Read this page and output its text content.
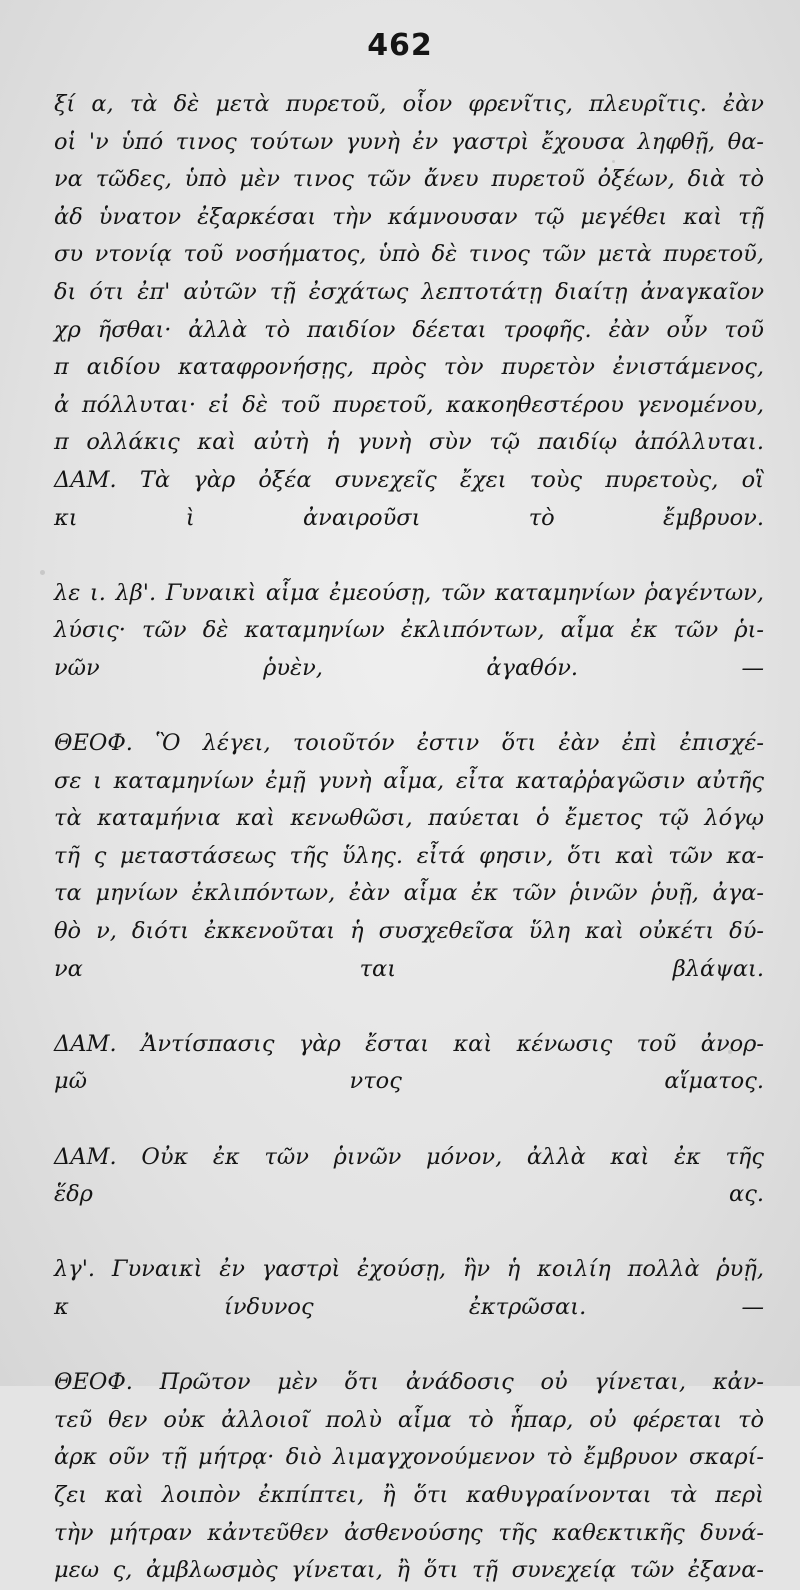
462
ξί α, τὰ δὲ μετὰ πυρετοῦ, οἷον φρενῖτις, πλευρῖτις. ἐὰν
οἱ 'ν ὑπό τινος τούτων γυνὴ ἐν γαστρὶ ἔχουσα ληφθῇ, θα-
να τῶδες, ὑπὸ μὲν τινος τῶν ἄνευ πυρετοῦ ὀξέων, διὰ τὸ
ἀδ ὑνατον ἐξαρκέσαι τὴν κάμνουσαν τῷ μεγέθει καὶ τῇ
συ ντονίᾳ τοῦ νοσήματος, ὑπὸ δὲ τινος τῶν μετὰ πυρετοῦ,
δι ότι ἐπ' αὐτῶν τῇ ἐσχάτως λεπτοτάτῃ διαίτῃ ἀναγκαῖον
χρ ῆσθαι· ἀλλὰ τὸ παιδίον δέεται τροφῆς. ἐὰν οὖν τοῦ
π αιδίου καταφρονήσῃς, πρὸς τὸν πυρετὸν ἐνιστάμενος,
ἀ πόλλυται· εἰ δὲ τοῦ πυρετοῦ, κακοηθεστέρου γενομένου,
π ολλάκις καὶ αὐτὴ ἡ γυνὴ σὺν τῷ παιδίῳ ἀπόλλυται.
ΔΑΜ. Τὰ γὰρ ὀξέα συνεχεῖς ἔχει τοὺς πυρετοὺς, οἳ
κι ὶ ἀναιροῦσι τὸ ἔμβρυον.
λε ι. λβ'. Γυναικὶ αἷμα ἐμεούσῃ, τῶν καταμηνίων ῥαγέντων,
λύσις· τῶν δὲ καταμηνίων ἐκλιπόντων, αἷμα ἐκ τῶν ῥι-
νῶν ῥυὲν, ἀγαθόν. —
ΘΕΟΦ. Ὃ λέγει, τοιοῦτόν ἐστιν ὅτι ἐὰν ἐπὶ ἐπισχέ-
σε ι καταμηνίων ἐμῇ γυνὴ αἷμα, εἶτα καταῤῥαγῶσιν αὐτῆς
τὰ καταμήνια καὶ κενωθῶσι, παύεται ὁ ἔμετος τῷ λόγῳ
τῆ ς μεταστάσεως τῆς ὕλης. εἶτά φησιν, ὅτι καὶ τῶν κα-
τα μηνίων ἐκλιπόντων, ἐὰν αἷμα ἐκ τῶν ῥινῶν ῥυῇ, ἀγα-
θὸ ν, διότι ἐκκενοῦται ἡ συσχεθεῖσα ὕλη καὶ οὐκέτι δύ-
να ται βλάψαι.
ΔΑΜ. Ἀντίσπασις γὰρ ἔσται καὶ κένωσις τοῦ ἀνορ-
μῶ ντος αἵματος.
ΔΑΜ. Οὐκ ἐκ τῶν ῥινῶν μόνον, ἀλλὰ καὶ ἐκ τῆς
ἕδρ ας.
λγ'. Γυναικὶ ἐν γαστρὶ ἐχούσῃ, ἣν ἡ κοιλίη πολλὰ ῥυῇ,
κ ίνδυνος ἐκτρῶσαι. —
ΘΕΟΦ. Πρῶτον μὲν ὅτι ἀνάδοσις οὐ γίνεται, κἀν-
τεῦ θεν οὐκ ἀλλοιοῖ πολὺ αἷμα τὸ ἧπαρ, οὐ φέρεται τὸ
ἀρκ οῦν τῇ μήτρᾳ· διὸ λιμαγχονούμενον τὸ ἔμβρυον σκαρί-
ζει καὶ λοιπὸν ἐκπίπτει, ἢ ὅτι καθυγραίνονται τὰ περὶ
τὴν μήτραν κἀντεῦθεν ἀσθενούσης τῆς καθεκτικῆς δυνά-
μεω ς, ἀμβλωσμὸς γίνεται, ἢ ὅτι τῇ συνεχείᾳ τῶν ἐξανα-
